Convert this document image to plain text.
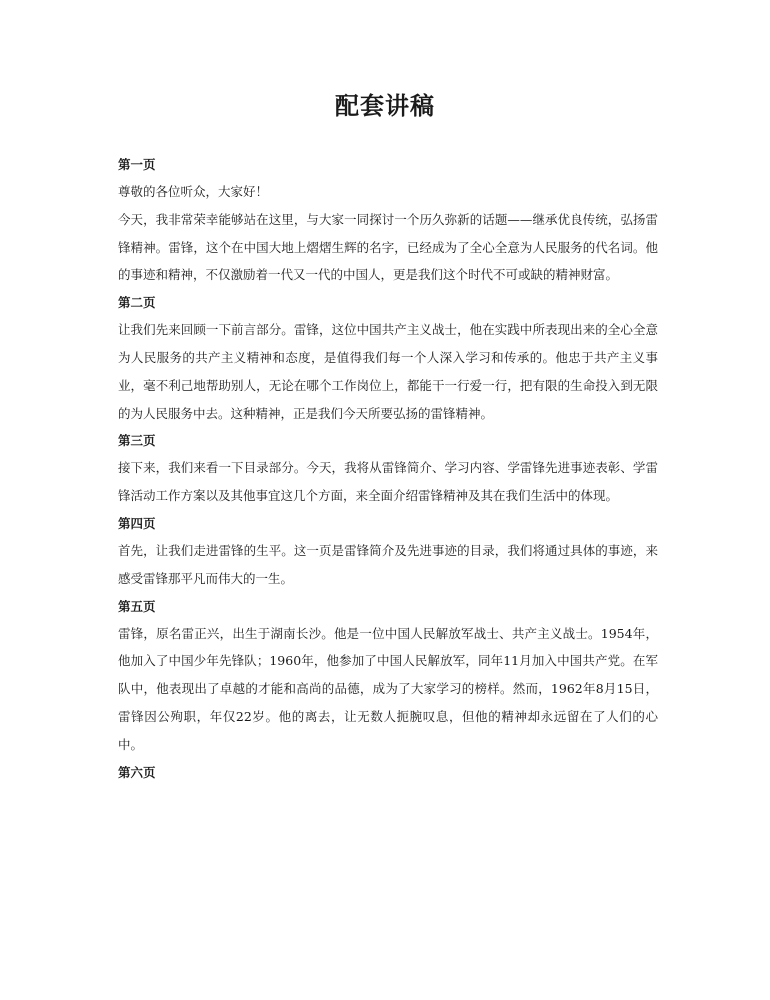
配套讲稿
第一页

尊敬的各位听众，大家好！

今天，我非常荣幸能够站在这里，与大家一同探讨一个历久弥新的话题——继承优良传统，弘扬雷锋精神。雷锋，这个在中国大地上熠熠生辉的名字，已经成为了全心全意为人民服务的代名词。他的事迹和精神，不仅激励着一代又一代的中国人，更是我们这个时代不可或缺的精神财富。

第二页

让我们先来回顾一下前言部分。雷锋，这位中国共产主义战士，他在实践中所表现出来的全心全意为人民服务的共产主义精神和态度，是值得我们每一个人深入学习和传承的。他忠于共产主义事业，毫不利己地帮助别人，无论在哪个工作岗位上，都能干一行爱一行，把有限的生命投入到无限的为人民服务中去。这种精神，正是我们今天所要弘扬的雷锋精神。

第三页

接下来，我们来看一下目录部分。今天，我将从雷锋简介、学习内容、学雷锋先进事迹表彰、学雷锋活动工作方案以及其他事宜这几个方面，来全面介绍雷锋精神及其在我们生活中的体现。

第四页

首先，让我们走进雷锋的生平。这一页是雷锋简介及先进事迹的目录，我们将通过具体的事迹，来感受雷锋那平凡而伟大的一生。

第五页

雷锋，原名雷正兴，出生于湖南长沙。他是一位中国人民解放军战士、共产主义战士。1954年，他加入了中国少年先锋队；1960年，他参加了中国人民解放军，同年11月加入中国共产党。在军队中，他表现出了卓越的才能和高尚的品德，成为了大家学习的榜样。然而，1962年8月15日，雷锋因公殉职，年仅22岁。他的离去，让无数人扼腕叹息，但他的精神却永远留在了人们的心中。

第六页
